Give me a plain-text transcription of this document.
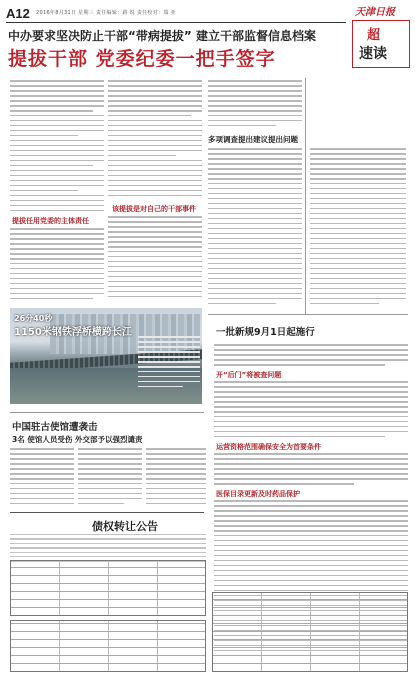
A12 2016年8月31日 星期三 责任编辑：路 锐 责任校对：瑞 亚	天津日报
超
速读
中办要求坚决防止干部“带病提拔” 建立干部监督信息档案
提拔干部 党委纪委一把手签字
提拔任用党委的主体责任
该提拔是对自己的干部事件
多项调查提出建议提出问题
26分40秒
1150米钢铁浮桥横跨长江	一批新规9月1日起施行
开“后门”将被查问题
运营资格范围确保安全为首要条件
医保目录更新及时药品保护
中国驻古使馆遭袭击
3名 使馆人员受伤 外交部予以强烈谴责
债权转让公告
